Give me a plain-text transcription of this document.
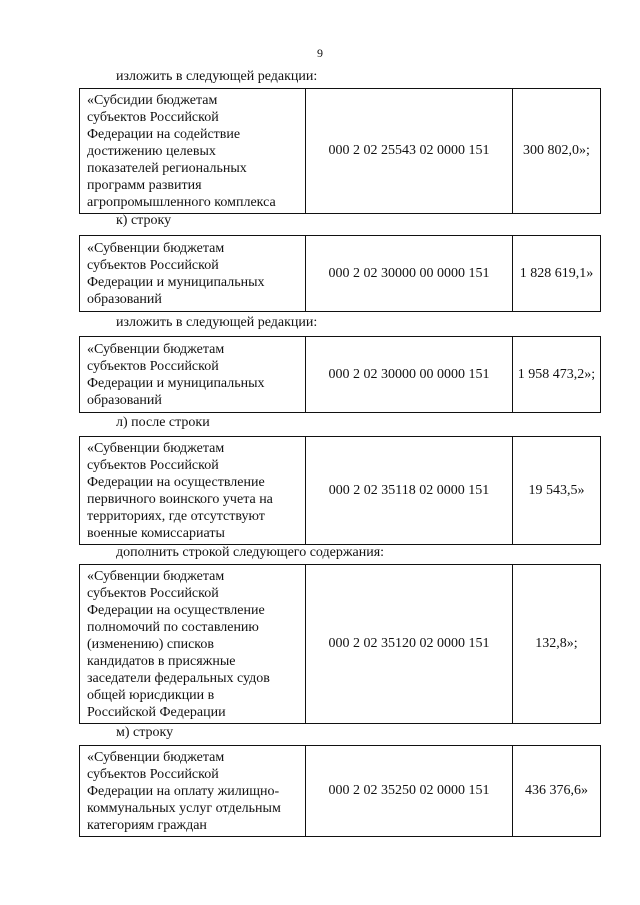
9
изложить в следующей редакции:
«Субсидии бюджетам
субъектов Российской
Федерации на содействие
достижению целевых
показателей региональных
программ развития
агропромышленного комплекса	000 2 02 25543 02 0000 151	300 802,0»;
к) строку
«Субвенции бюджетам
субъектов Российской
Федерации и муниципальных
образований	000 2 02 30000 00 0000 151	1 828 619,1»
изложить в следующей редакции:
«Субвенции бюджетам
субъектов Российской
Федерации и муниципальных
образований	000 2 02 30000 00 0000 151	1 958 473,2»;
л) после строки
«Субвенции бюджетам
субъектов Российской
Федерации на осуществление
первичного воинского учета на
территориях, где отсутствуют
военные комиссариаты	000 2 02 35118 02 0000 151	19 543,5»
дополнить строкой следующего содержания:
«Субвенции бюджетам
субъектов Российской
Федерации на осуществление
полномочий по составлению
(изменению) списков
кандидатов в присяжные
заседатели федеральных судов
общей юрисдикции в
Российской Федерации	000 2 02 35120 02 0000 151	132,8»;
м) строку
«Субвенции бюджетам
субъектов Российской
Федерации на оплату жилищно-
коммунальных услуг отдельным
категориям граждан	000 2 02 35250 02 0000 151	436 376,6»
